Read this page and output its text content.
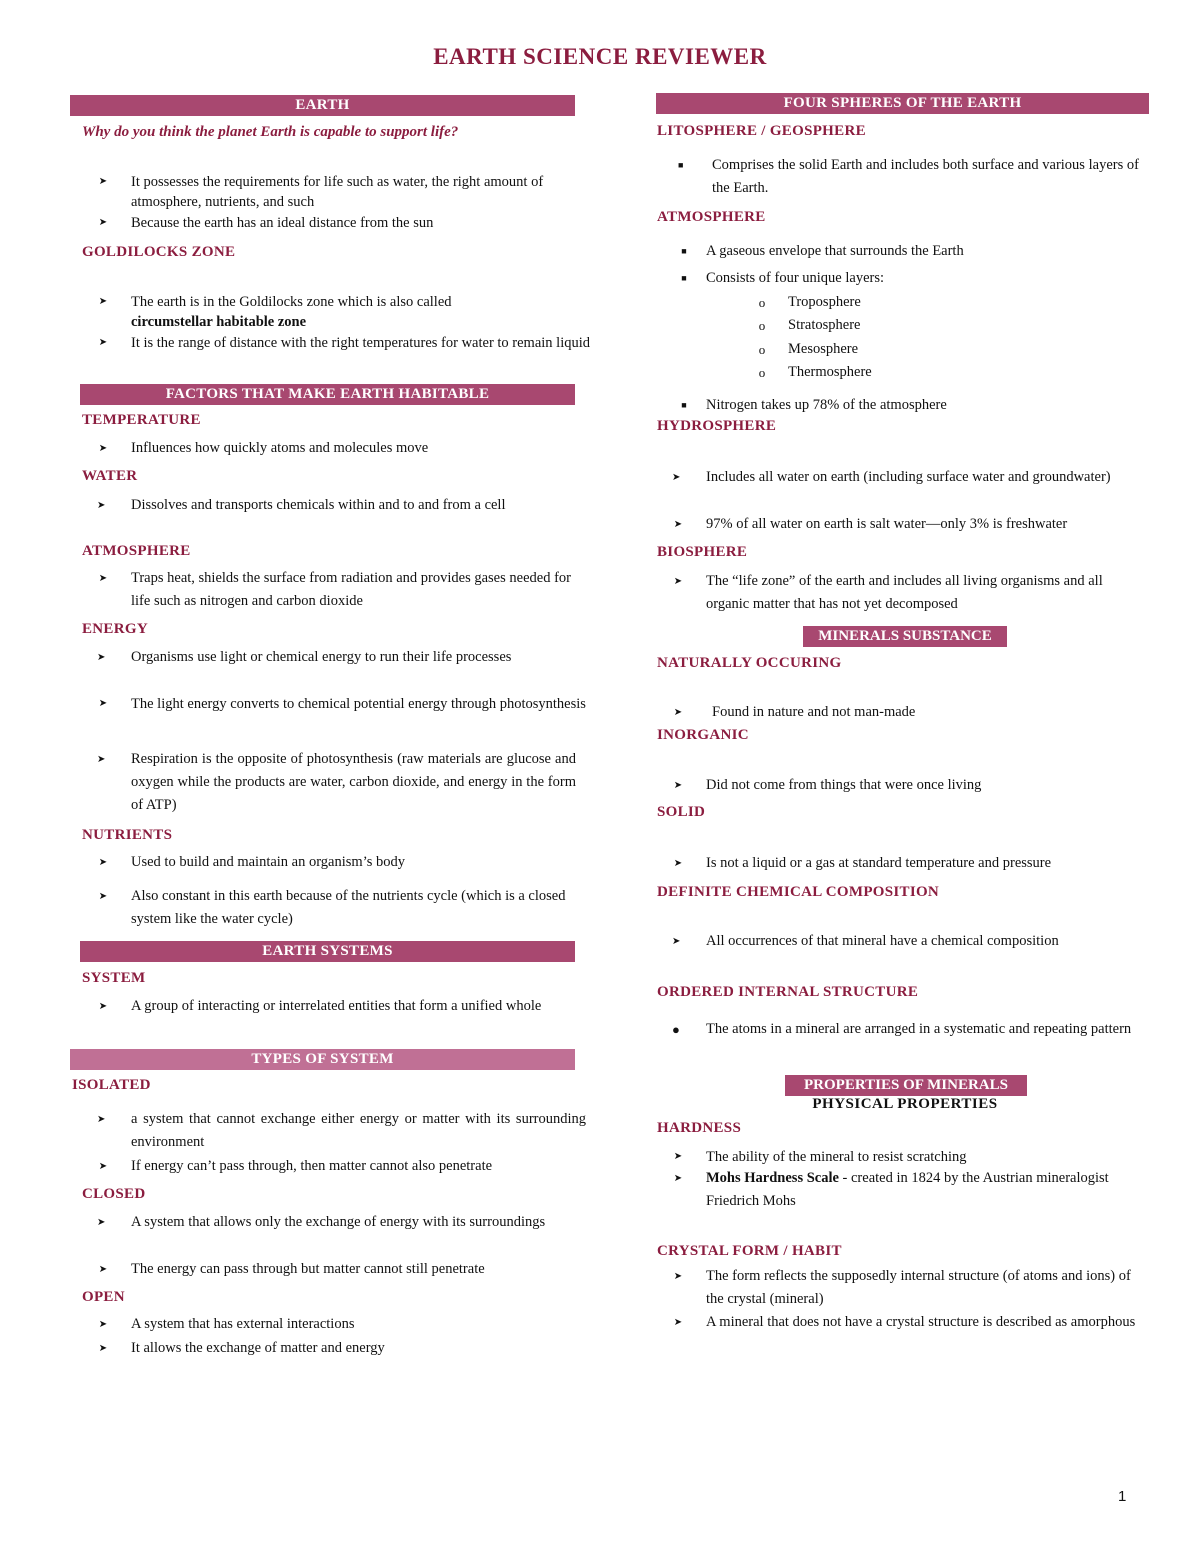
EARTH SCIENCE REVIEWER
EARTH
Why do you think the planet Earth is capable to support life?
➤ It possesses the requirements for life such as water, the right amount of atmosphere, nutrients, and such
➤ Because the earth has an ideal distance from the sun
GOLDILOCKS ZONE
➤ The earth is in the Goldilocks zone which is also called
circumstellar habitable zone
➤ It is the range of distance with the right temperatures for water to remain liquid
FACTORS THAT MAKE EARTH HABITABLE
TEMPERATURE
➤ Influences how quickly atoms and molecules move
WATER
➤ Dissolves and transports chemicals within and to and from a cell
ATMOSPHERE
➤ Traps heat, shields the surface from radiation and provides gases needed for life such as nitrogen and carbon dioxide
ENERGY
➤ Organisms use light or chemical energy to run their life processes
➤ The light energy converts to chemical potential energy through photosynthesis
➤ Respiration is the opposite of photosynthesis (raw materials are glucose and oxygen while the products are water, carbon dioxide, and energy in the form of ATP)
NUTRIENTS
➤ Used to build and maintain an organism’s body
➤ Also constant in this earth because of the nutrients cycle (which is a closed system like the water cycle)
EARTH SYSTEMS
SYSTEM
➤ A group of interacting or interrelated entities that form a unified whole
TYPES OF SYSTEM
ISOLATED
➤ a system that cannot exchange either energy or matter with its surrounding environment
➤ If energy can’t pass through, then matter cannot also penetrate
CLOSED
➤ A system that allows only the exchange of energy with its surroundings
➤ The energy can pass through but matter cannot still penetrate
OPEN
➤ A system that has external interactions
➤ It allows the exchange of matter and energy
FOUR SPHERES OF THE EARTH
LITOSPHERE / GEOSPHERE
■	Comprises the solid Earth and includes both surface and various layers of the Earth.
ATMOSPHERE
■ A gaseous envelope that surrounds the Earth
■ Consists of four unique layers:
o Troposphere
o Stratosphere
o Mesosphere
o Thermosphere
■ Nitrogen takes up 78% of the atmosphere
HYDROSPHERE
➤ Includes all water on earth (including surface water and groundwater)
➤ 97% of all water on earth is salt water—only 3% is freshwater
BIOSPHERE
➤ The “life zone” of the earth and includes all living organisms and all organic matter that has not yet decomposed
MINERALS SUBSTANCE
NATURALLY OCCURING
➤ Found in nature and not man-made
INORGANIC
➤ Did not come from things that were once living
SOLID
➤ Is not a liquid or a gas at standard temperature and pressure
DEFINITE CHEMICAL COMPOSITION
➤ All occurrences of that mineral have a chemical composition
ORDERED INTERNAL STRUCTURE
● The atoms in a mineral are arranged in a systematic and repeating pattern
PROPERTIES OF MINERALS
PHYSICAL PROPERTIES
HARDNESS
➤ The ability of the mineral to resist scratching
➤ Mohs Hardness Scale - created in 1824 by the Austrian mineralogist Friedrich Mohs
CRYSTAL FORM / HABIT
➤ The form reflects the supposedly internal structure (of atoms and ions) of the crystal (mineral)
➤ A mineral that does not have a crystal structure is described as amorphous
1
